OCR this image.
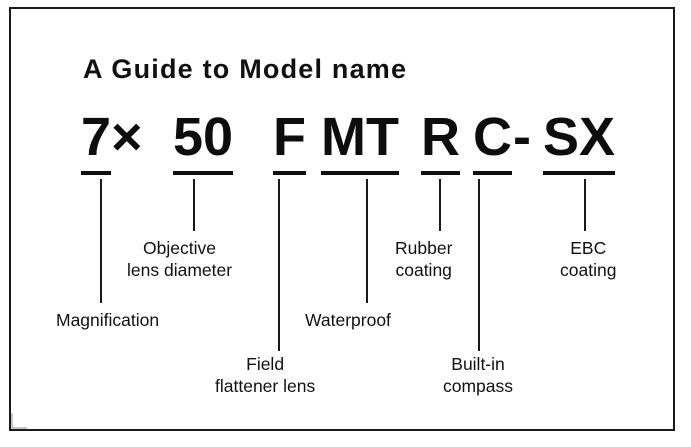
A Guide to Model name
7 × 50 F MT R C - SX
Magnification
Objective
lens diameter
Field
flattener lens
Waterproof
Rubber
coating
Built-in
compass
EBC
coating
